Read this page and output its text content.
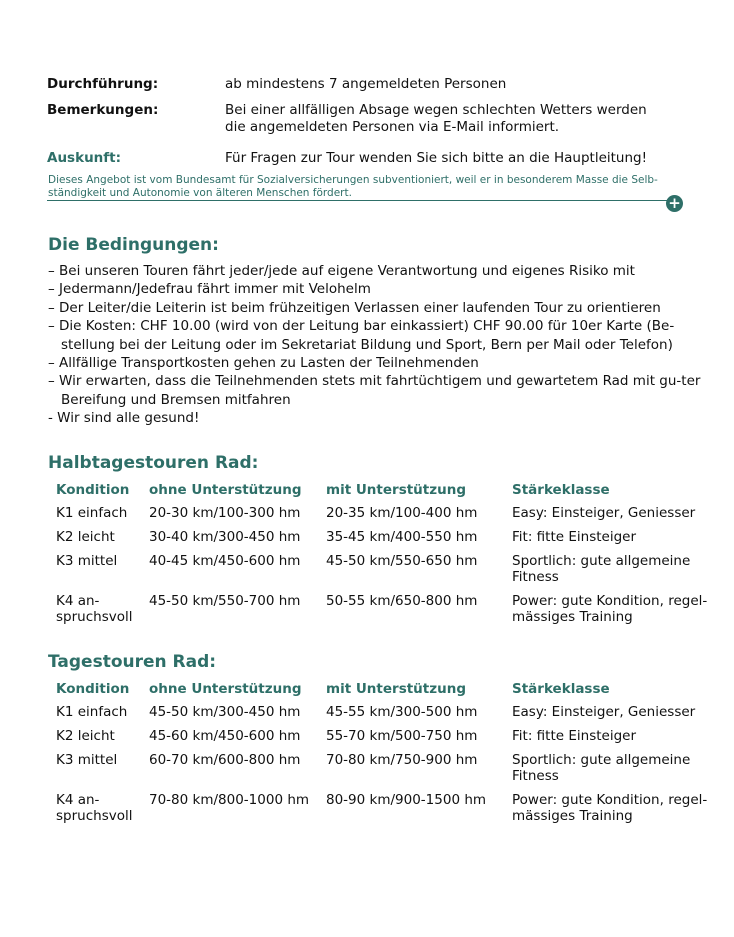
Durchführung:	ab mindestens 7 angemeldeten Personen
Bemerkungen:	Bei einer allfälligen Absage wegen schlechten Wetters werden die angemeldeten Personen via E-Mail informiert.
Auskunft:	Für Fragen zur Tour wenden Sie sich bitte an die Hauptleitung!
Dieses Angebot ist vom Bundesamt für Sozialversicherungen subventioniert, weil er in besonderem Masse die Selb-ständigkeit und Autonomie von älteren Menschen fördert.
+
Die Bedingungen:
– Bei unseren Touren fährt jeder/jede auf eigene Verantwortung und eigenes Risiko mit
– Jedermann/Jedefrau fährt immer mit Velohelm
– Der Leiter/die Leiterin ist beim frühzeitigen Verlassen einer laufenden Tour zu orientieren
– Die Kosten: CHF 10.00 (wird von der Leitung bar einkassiert) CHF 90.00 für 10er Karte (Be-stellung bei der Leitung oder im Sekretariat Bildung und Sport, Bern per Mail oder Telefon)
– Allfällige Transportkosten gehen zu Lasten der Teilnehmenden
– Wir erwarten, dass die Teilnehmenden stets mit fahrtüchtigem und gewartetem Rad mit gu-ter Bereifung und Bremsen mitfahren
- Wir sind alle gesund!
Halbtagestouren Rad:
Kondition	ohne Unterstützung	mit Unterstützung	Stärkeklasse
K1 einfach	20-30 km/100-300 hm	20-35 km/100-400 hm	Easy: Einsteiger, Geniesser
K2 leicht	30-40 km/300-450 hm	35-45 km/400-550 hm	Fit: fitte Einsteiger
K3 mittel	40-45 km/450-600 hm	45-50 km/550-650 hm	Sportlich: gute allgemeine Fitness
K4 an-spruchsvoll	45-50 km/550-700 hm	50-55 km/650-800 hm	Power: gute Kondition, regel-mässiges Training
Tagestouren Rad:
Kondition	ohne Unterstützung	mit Unterstützung	Stärkeklasse
K1 einfach	45-50 km/300-450 hm	45-55 km/300-500 hm	Easy: Einsteiger, Geniesser
K2 leicht	45-60 km/450-600 hm	55-70 km/500-750 hm	Fit: fitte Einsteiger
K3 mittel	60-70 km/600-800 hm	70-80 km/750-900 hm	Sportlich: gute allgemeine Fitness
K4 an-spruchsvoll	70-80 km/800-1000 hm	80-90 km/900-1500 hm	Power: gute Kondition, regel-mässiges Training
